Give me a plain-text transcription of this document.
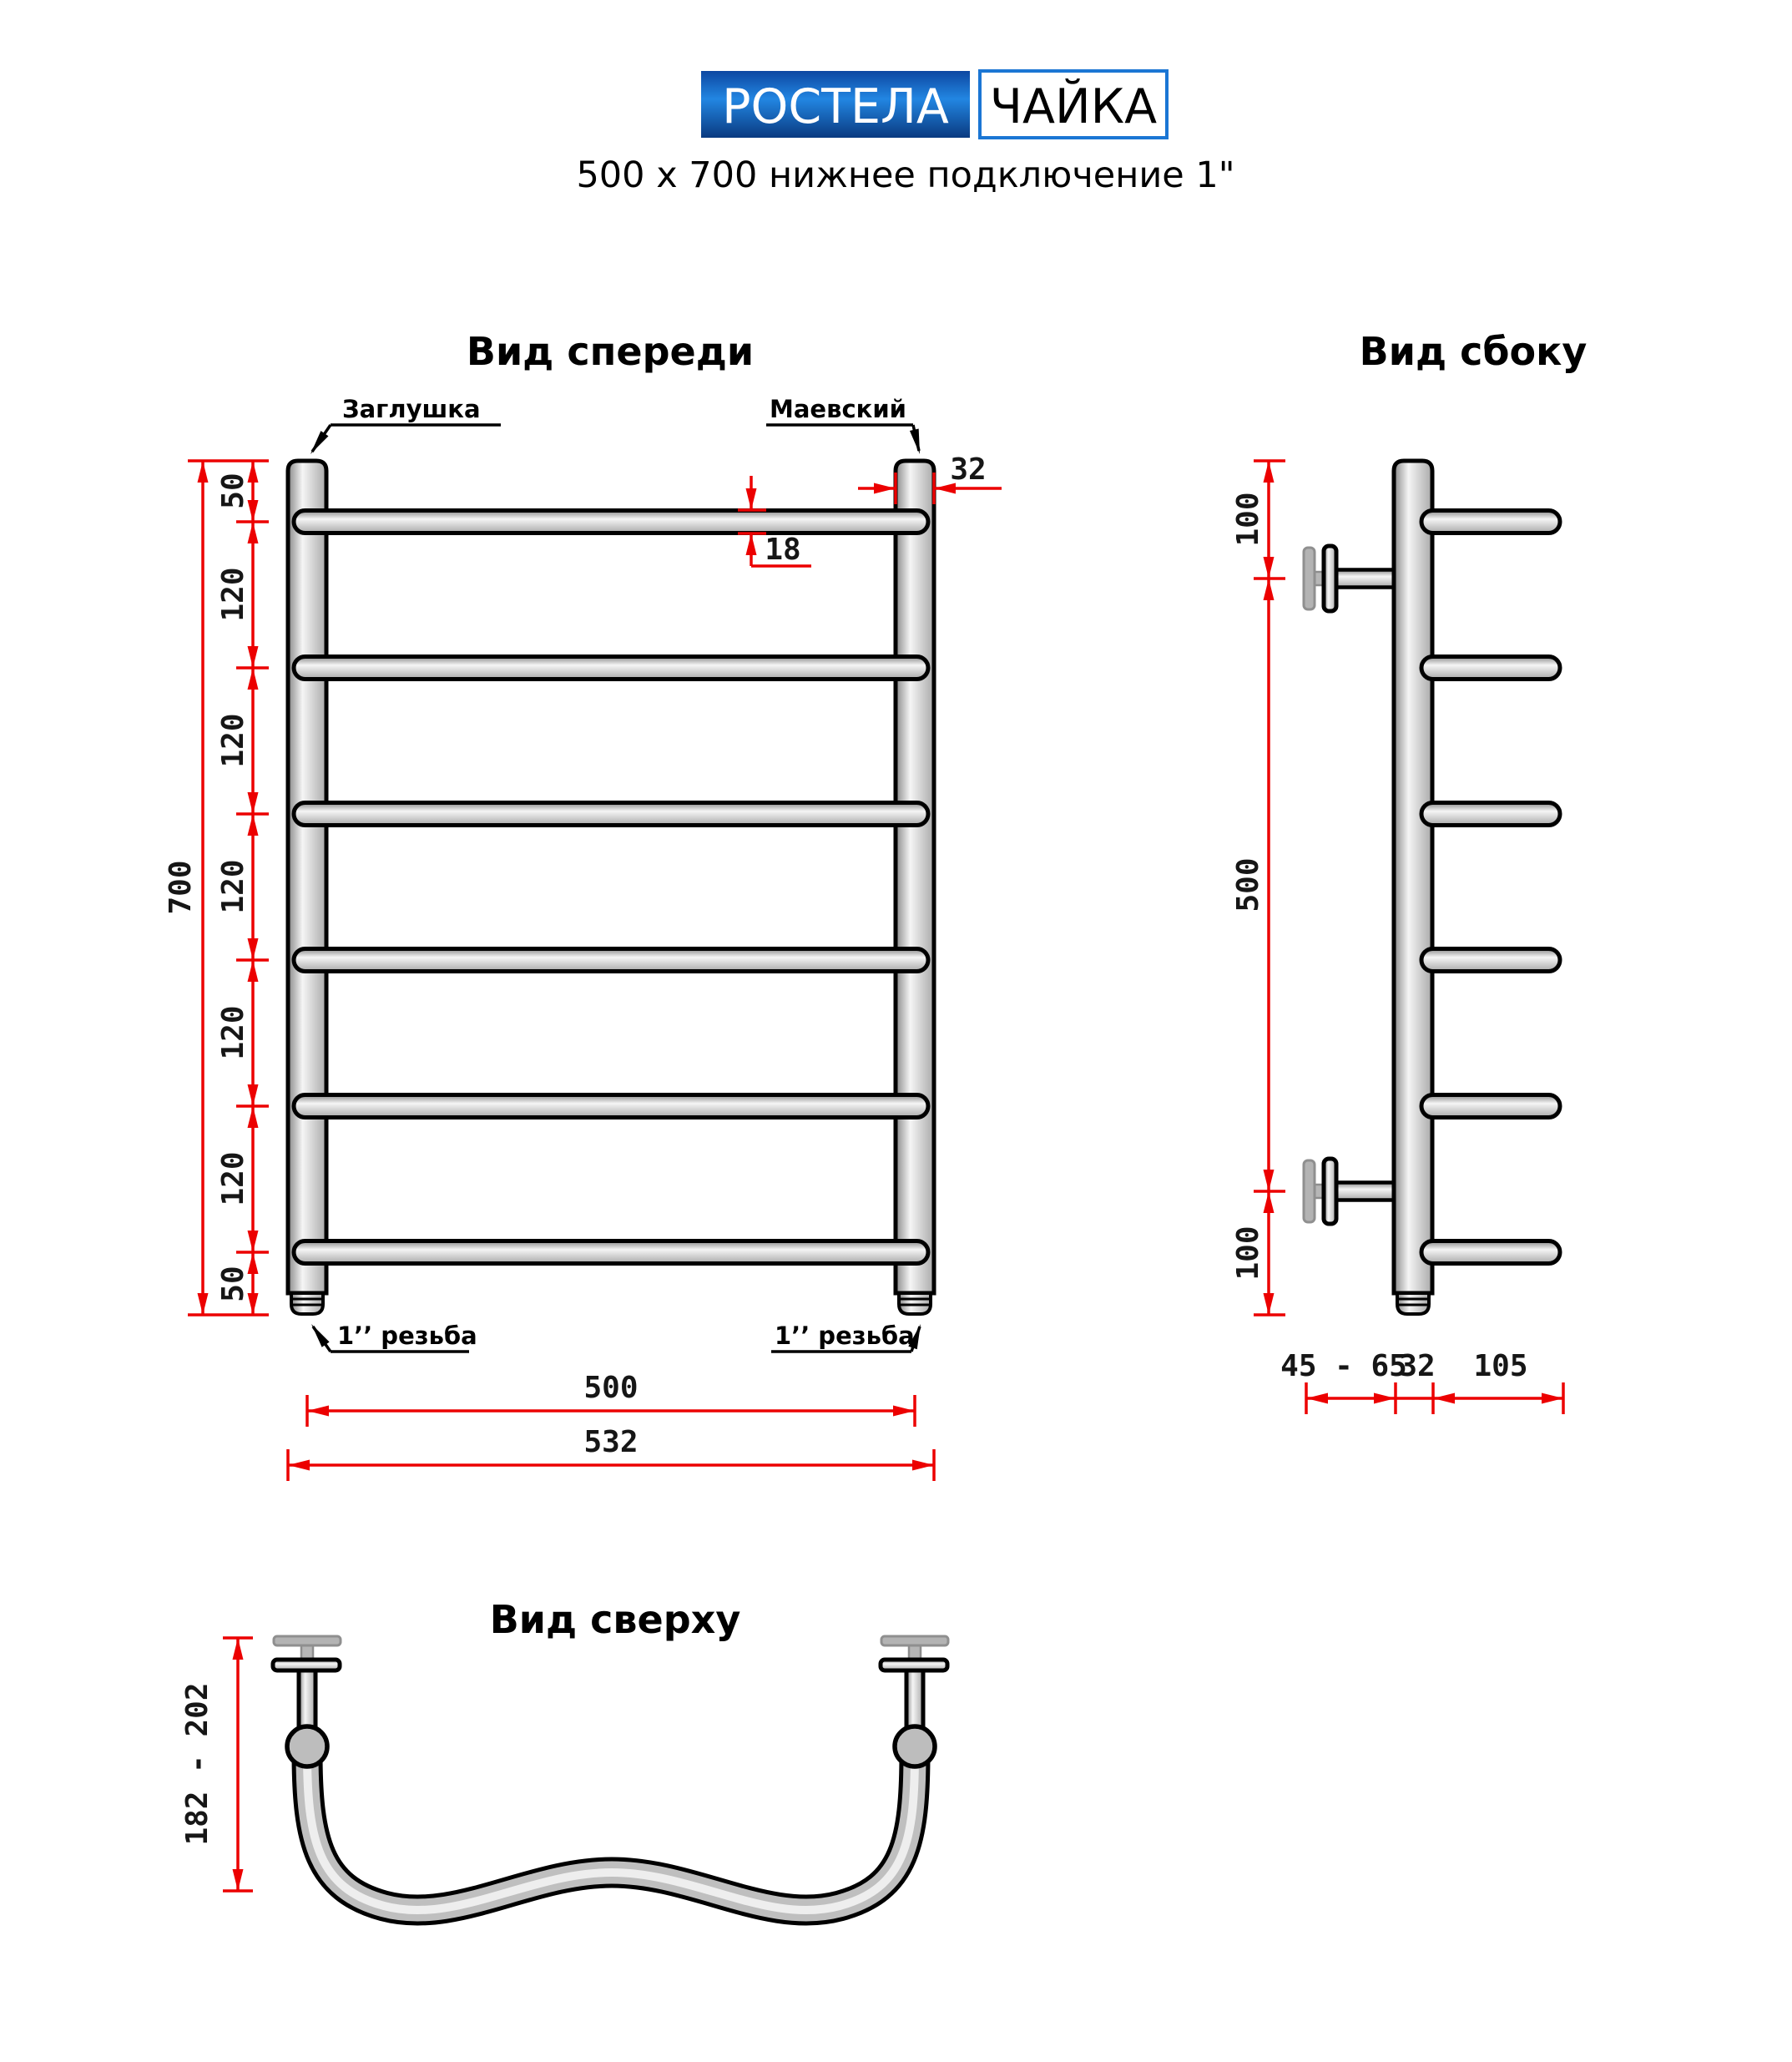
РОСТЕЛА ЧАЙКА
500 x 700 нижнее подключение 1"
Вид спереди
700
50
120
120
120
120
120
50
32
18
500
532
Заглушка	Маевский
1’’ резьба	1’’ резьба
Вид сбоку
100
500
100
45 - 65
32 105
Вид сверху
182 - 202
